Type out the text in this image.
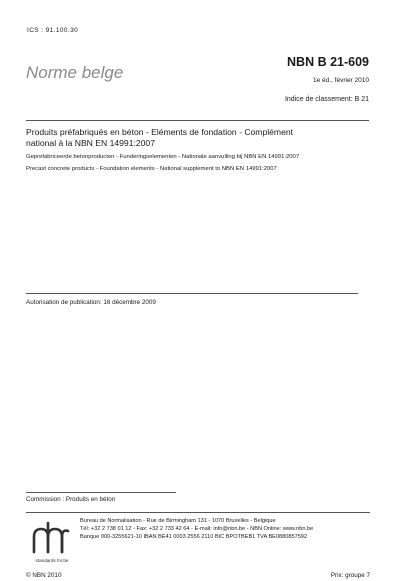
ICS : 91.100.30
Norme belge
NBN B 21-609
1e éd., février 2010
Indice de classement: B 21
Produits préfabriqués en béton - Eléments de fondation - Complément
national à la NBN EN 14991:2007
Geprefabriceerde betonproducten - Funderingselementen - Nationale aanvulling bij NBN EN 14991:2007
Precast concrete products - Foundation elements - National supplement to NBN EN 14991:2007
Autorisation de publication: 16 décembre 2009
Commission : Produits en béton
standards for.be
Bureau de Normalisation - Rue de Birmingham 131 - 1070 Bruxelles - Belgique
Tél: +32 2 738 01 12 - Fax: +32 2 733 42 64 - E-mail: info@nbn.be - NBN Online: www.nbn.be
Banque 000-3255621-10 IBAN BE41 0003 2556 2110 BIC BPOTBEB1 TVA BE0880857592
© NBN 2010	Prix: groupe 7
